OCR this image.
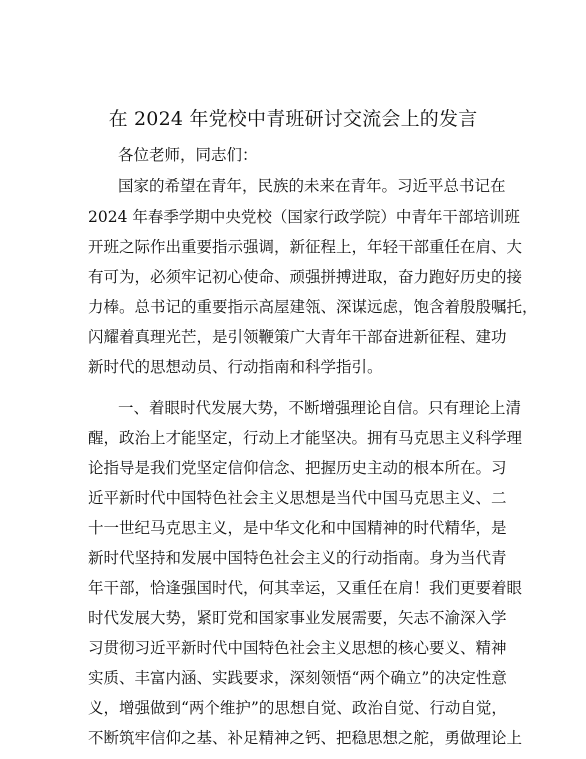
在 2024 年党校中青班研讨交流会上的发言
各位老师，同志们：
国家的希望在青年，民族的未来在青年。习近平总书记在
2024 年春季学期中央党校（国家行政学院）中青年干部培训班
开班之际作出重要指示强调，新征程上，年轻干部重任在肩、大
有可为，必须牢记初心使命、顽强拼搏进取，奋力跑好历史的接
力棒。总书记的重要指示高屋建瓴、深谋远虑，饱含着殷殷嘱托，
闪耀着真理光芒，是引领鞭策广大青年干部奋进新征程、建功
新时代的思想动员、行动指南和科学指引。
一、着眼时代发展大势，不断增强理论自信。只有理论上清
醒，政治上才能坚定，行动上才能坚决。拥有马克思主义科学理
论指导是我们党坚定信仰信念、把握历史主动的根本所在。习
近平新时代中国特色社会主义思想是当代中国马克思主义、二
十一世纪马克思主义，是中华文化和中国精神的时代精华，是
新时代坚持和发展中国特色社会主义的行动指南。身为当代青
年干部，恰逢强国时代，何其幸运，又重任在肩！我们更要着眼
时代发展大势，紧盯党和国家事业发展需要，矢志不渝深入学
习贯彻习近平新时代中国特色社会主义思想的核心要义、精神
实质、丰富内涵、实践要求，深刻领悟“两个确立”的决定性意
义，增强做到“两个维护”的思想自觉、政治自觉、行动自觉，
不断筑牢信仰之基、补足精神之钙、把稳思想之舵，勇做理论上
